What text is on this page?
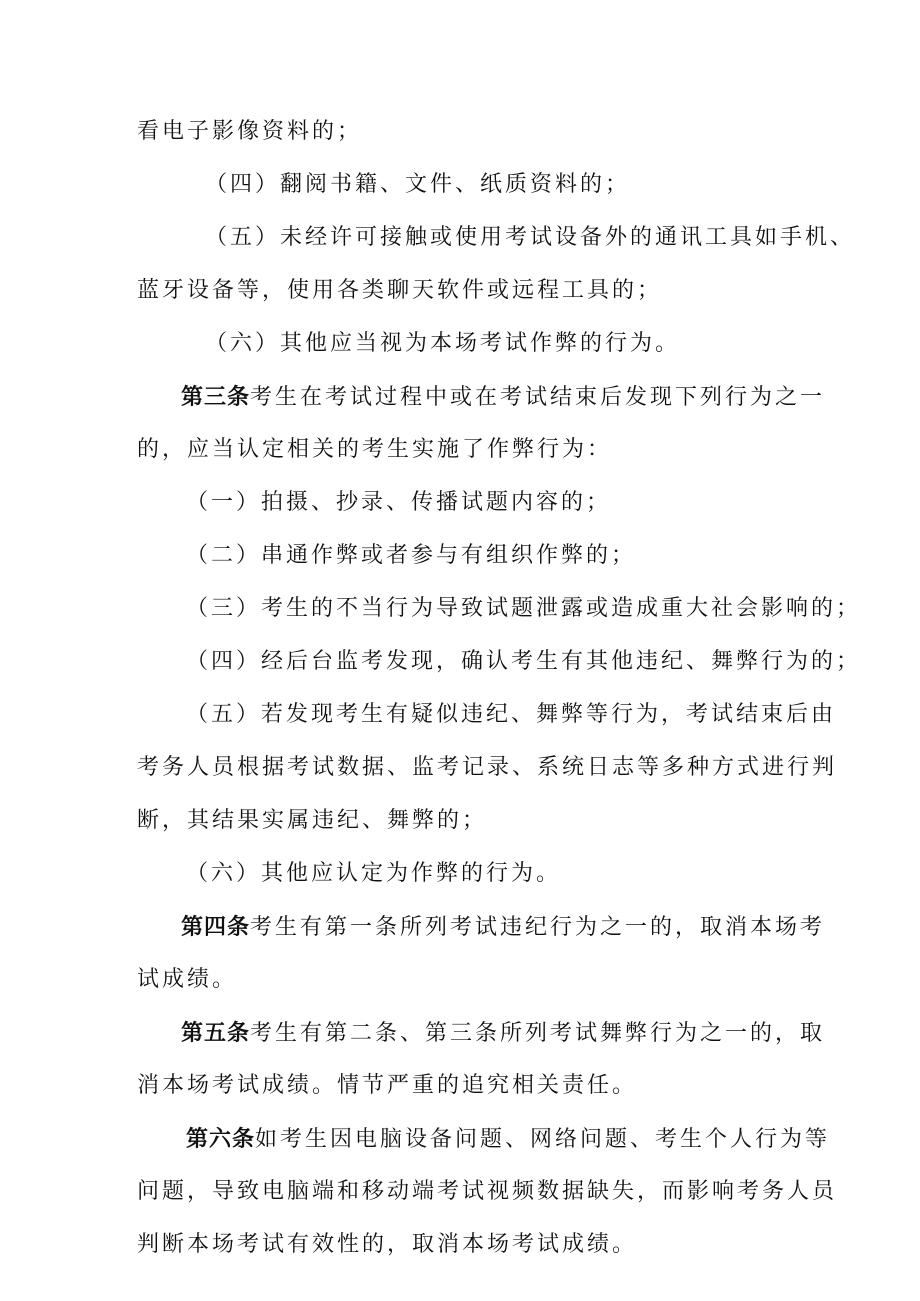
看电子影像资料的；
（四）翻阅书籍、文件、纸质资料的；
（五）未经许可接触或使用考试设备外的通讯工具如手机、
蓝牙设备等，使用各类聊天软件或远程工具的；
（六）其他应当视为本场考试作弊的行为。
第三条考生在考试过程中或在考试结束后发现下列行为之一
的，应当认定相关的考生实施了作弊行为：
（一）拍摄、抄录、传播试题内容的；
（二）串通作弊或者参与有组织作弊的；
（三）考生的不当行为导致试题泄露或造成重大社会影响的；
（四）经后台监考发现，确认考生有其他违纪、舞弊行为的；
（五）若发现考生有疑似违纪、舞弊等行为，考试结束后由
考务人员根据考试数据、监考记录、系统日志等多种方式进行判
断，其结果实属违纪、舞弊的；
（六）其他应认定为作弊的行为。
第四条考生有第一条所列考试违纪行为之一的，取消本场考
试成绩。
第五条考生有第二条、第三条所列考试舞弊行为之一的，取
消本场考试成绩。情节严重的追究相关责任。
第六条如考生因电脑设备问题、网络问题、考生个人行为等
问题，导致电脑端和移动端考试视频数据缺失，而影响考务人员
判断本场考试有效性的，取消本场考试成绩。
